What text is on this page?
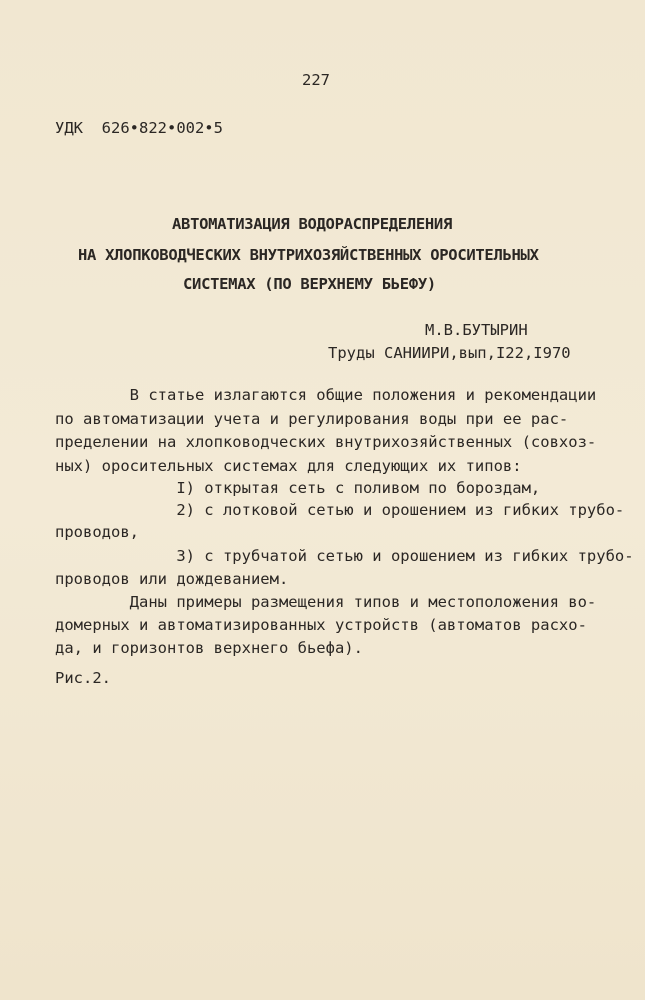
227
УДК  626•822•002•5
АВТОМАТИЗАЦИЯ ВОДОРАСПРЕДЕЛЕНИЯ
НА ХЛОПКОВОДЧЕСКИХ ВНУТРИХОЗЯЙСТВЕННЫХ ОРОСИТЕЛЬНЫХ
СИСТЕМАХ (ПО ВЕРХНЕМУ БЬЕФУ)
М.В.БУТЫРИН
Труды САНИИРИ,вып,I22,I970
В статье излагаются общие положения и рекомендации
по автоматизации учета и регулирования воды при ее рас-
пределении на хлопководческих внутрихозяйственных (совхоз-
ных) оросительных системах для следующих их типов:
I) открытая сеть с поливом по бороздам,
2) с лотковой сетью и орошением из гибких трубо-
проводов,
3) с трубчатой сетью и орошением из гибких трубо-
проводов или дождеванием.
Даны примеры размещения типов и местоположения во-
домерных и автоматизированных устройств (автоматов расхо-
да, и горизонтов верхнего бьефа).
Рис.2.
